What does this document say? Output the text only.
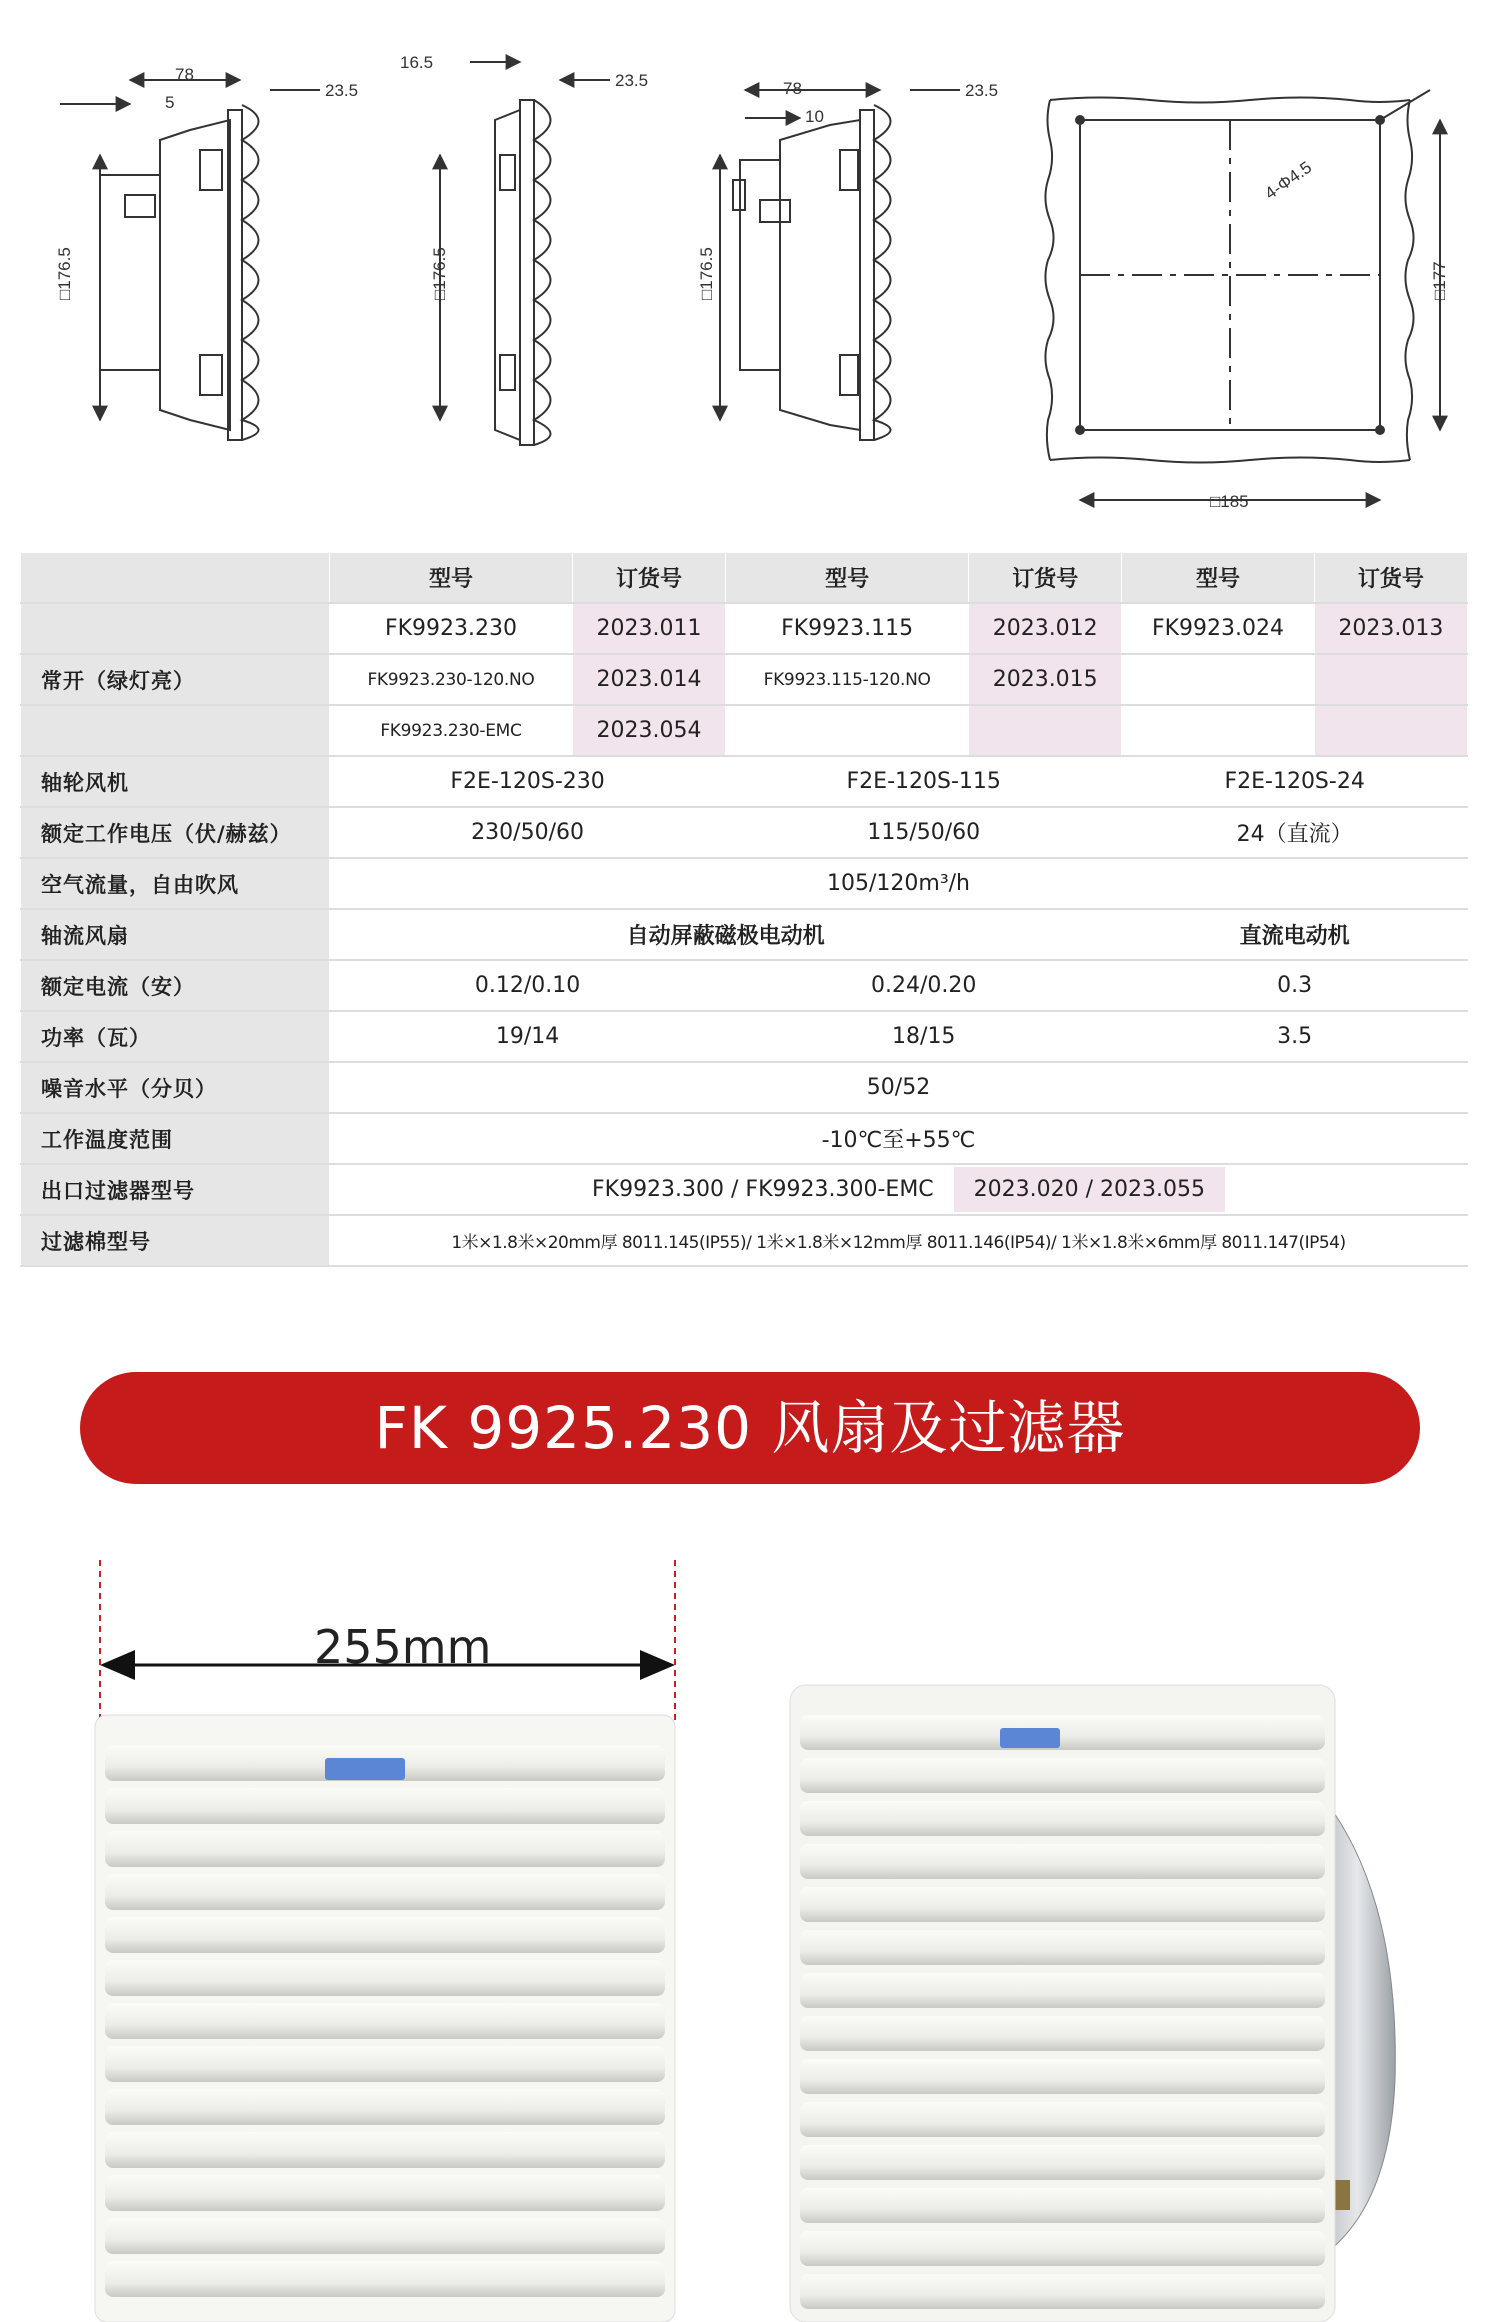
78
5
23.5
□176.5
16.5
23.5
□176.5
78
10
23.5
□176.5
4-Φ4.5
□177
□185
	型号	订货号	型号	订货号	型号	订货号
	FK9923.230	2023.011	FK9923.115	2023.012	FK9923.024	2023.013
常开（绿灯亮）	FK9923.230-120.NO	2023.014	FK9923.115-120.NO	2023.015		
	FK9923.230-EMC	2023.054				
轴轮风机	F2E-120S-230		F2E-120S-115		F2E-120S-24	
额定工作电压（伏/赫兹）	230/50/60		115/50/60		24（直流）	
空气流量，自由吹风	105/120m³/h					
轴流风扇	自动屏蔽磁极电动机				直流电动机	
额定电流（安）	0.12/0.10		0.24/0.20		0.3	
功率（瓦）	19/14		18/15		3.5	
噪音水平（分贝）	50/52					
工作温度范围	-10℃至+55℃					
出口过滤器型号	FK9923.300 / FK9923.300-EMC 2023.020 / 2023.055					
过滤棉型号	1米×1.8米×20mm厚 8011.145(IP55)/ 1米×1.8米×12mm厚 8011.146(IP54)/ 1米×1.8米×6mm厚 8011.147(IP54)					
FK 9925.230 风扇及过滤器
255mm
